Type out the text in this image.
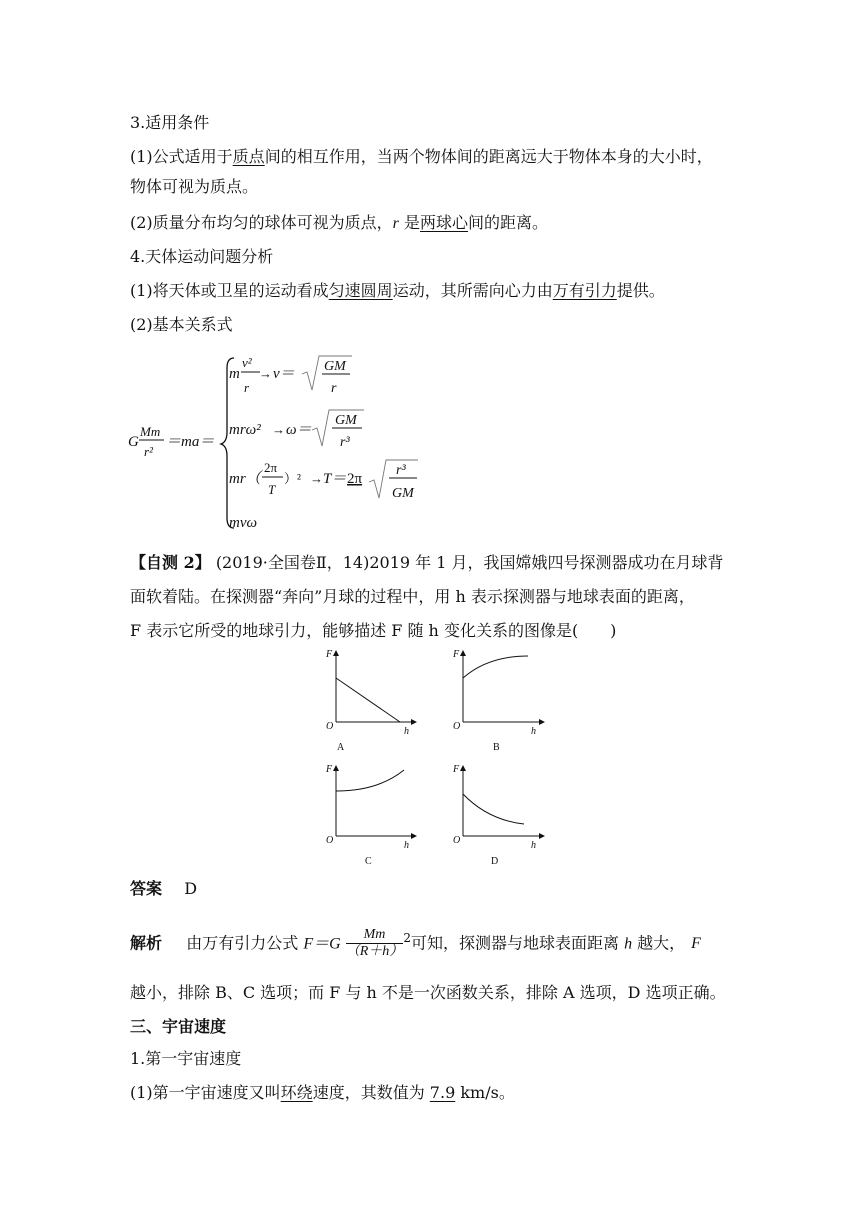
3.适用条件
(1)公式适用于质点间的相互作用，当两个物体间的距离远大于物体本身的大小时，
物体可视为质点。
(2)质量分布均匀的球体可视为质点，r 是两球心间的距离。
4.天体运动问题分析
(1)将天体或卫星的运动看成匀速圆周运动，其所需向心力由万有引力提供。
(2)基本关系式
G
Mm
r²
＝ma＝
m
v²
r
→ v＝ GM
r
mrω² → ω＝
GM
r³
mr（
2π
T
）² → T＝ 2π
r³
GM
mvω
【自测 2】 (2019·全国卷Ⅱ，14)2019 年 1 月，我国嫦娥四号探测器成功在月球背
面软着陆。在探测器“奔向”月球的过程中，用 h 表示探测器与地球表面的距离，
F 表示它所受的地球引力，能够描述 F 随 h 变化关系的图像是(　　)
F
h
O
A
F
h
O
B
F
h
O
C
F
h
O
D
答案 D
解析 由万有引力公式 $F=G \frac{Mm}{(R+h)} ^2$可知，探测器与地球表面距离 h 越大， F
越小，排除 B、C 选项；而 F 与 h 不是一次函数关系，排除 A 选项，D 选项正确。
三、宇宙速度
1.第一宇宙速度
(1)第一宇宙速度又叫环绕速度，其数值为 7.9 km/s。
